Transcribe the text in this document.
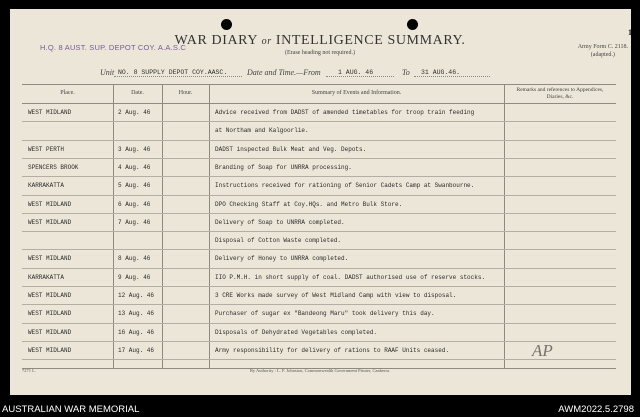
H.Q. 8 AUST. SUP. DEPOT COY. A.A.S.C
WAR DIARY or INTELLIGENCE SUMMARY.
(Erase heading not required.)
1
Army Form C. 2118.
(adapted.)
Unit NO. 8 SUPPLY DEPOT COY.AASC. Date and Time.—From	1 AUG. 46	To 31 AUG.46.
Place.	Date.	Hour.	Summary of Events and Information.	Remarks and references to Appendices, Diaries, &c.
WEST MIDLAND	2 Aug. 46	Advice received from DADST of amended timetables for troop train feeding
at Northam and Kalgoorlie.
WEST PERTH	3 Aug. 46	DADST inspected Bulk Meat and Veg. Depots.
SPENCERS BROOK	4 Aug. 46	Branding of Soap for UNRRA processing.
KARRAKATTA	5 Aug. 46	Instructions received for rationing of Senior Cadets Camp at Swanbourne.
WEST MIDLAND	6 Aug. 46	DPO Checking Staff at Coy.HQs. and Metro Bulk Store.
WEST MIDLAND	7 Aug. 46	Delivery of Soap to UNRRA completed.
Disposal of Cotton Waste completed.
WEST MIDLAND	8 Aug. 46	Delivery of Honey to UNRRA completed.
KARRAKATTA	9 Aug. 46	IIO P.M.H. in short supply of coal. DADST authorised use of reserve stocks.
WEST MIDLAND	12 Aug. 46	3 CRE Works made survey of West Midland Camp with view to disposal.
WEST MIDLAND	13 Aug. 46	Purchaser of sugar ex "Bandeong Maru" took delivery this day.
WEST MIDLAND	16 Aug. 46	Disposals of Dehydrated Vegetables completed.
WEST MIDLAND	17 Aug. 46	Army responsibility for delivery of rations to RAAF Units ceased.	AP
7271 L.	By Authority : L. F. Johnston, Commonwealth Government Printer, Canberra.
AUSTRALIAN WAR MEMORIAL	AWM2022.5.2798
